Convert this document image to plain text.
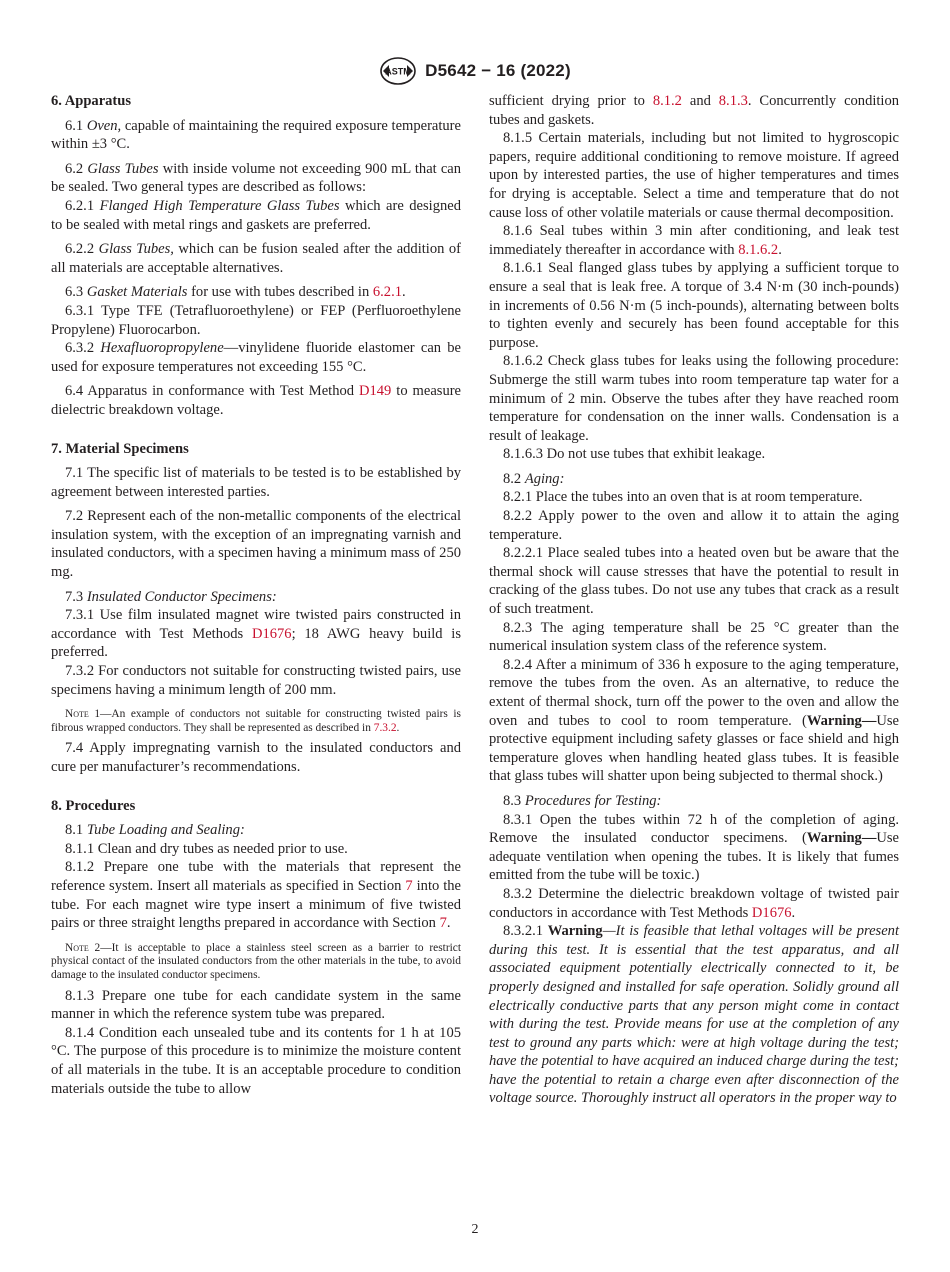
ASTM D5642 − 16 (2022)
6. Apparatus

6.1 Oven, capable of maintaining the required exposure temperature within ±3 °C.

6.2 Glass Tubes with inside volume not exceeding 900 mL that can be sealed. Two general types are described as follows:

6.2.1 Flanged High Temperature Glass Tubes which are designed to be sealed with metal rings and gaskets are preferred.

6.2.2 Glass Tubes, which can be fusion sealed after the addition of all materials are acceptable alternatives.

6.3 Gasket Materials for use with tubes described in 6.2.1.

6.3.1 Type TFE (Tetrafluoroethylene) or FEP (Perfluoroethylene Propylene) Fluorocarbon.

6.3.2 Hexafluoropropylene—vinylidene fluoride elastomer can be used for exposure temperatures not exceeding 155 °C.

6.4 Apparatus in conformance with Test Method D149 to measure dielectric breakdown voltage.

7. Material Specimens

7.1 The specific list of materials to be tested is to be established by agreement between interested parties.

7.2 Represent each of the non-metallic components of the electrical insulation system, with the exception of an impregnating varnish and insulated conductors, with a specimen having a minimum mass of 250 mg.

7.3 Insulated Conductor Specimens:

7.3.1 Use film insulated magnet wire twisted pairs constructed in accordance with Test Methods D1676; 18 AWG heavy build is preferred.

7.3.2 For conductors not suitable for constructing twisted pairs, use specimens having a minimum length of 200 mm.

Note 1—An example of conductors not suitable for constructing twisted pairs is fibrous wrapped conductors. They shall be represented as described in 7.3.2.

7.4 Apply impregnating varnish to the insulated conductors and cure per manufacturer’s recommendations.

8. Procedures

8.1 Tube Loading and Sealing:

8.1.1 Clean and dry tubes as needed prior to use.

8.1.2 Prepare one tube with the materials that represent the reference system. Insert all materials as specified in Section 7 into the tube. For each magnet wire type insert a minimum of five twisted pairs or three straight lengths prepared in accordance with Section 7.

Note 2—It is acceptable to place a stainless steel screen as a barrier to restrict physical contact of the insulated conductors from the other materials in the tube, to avoid damage to the insulated conductor specimens.

8.1.3 Prepare one tube for each candidate system in the same manner in which the reference system tube was prepared.

8.1.4 Condition each unsealed tube and its contents for 1 h at 105 °C. The purpose of this procedure is to minimize the moisture content of all materials in the tube. It is an acceptable procedure to condition materials outside the tube to allow

sufficient drying prior to 8.1.2 and 8.1.3. Concurrently condition tubes and gaskets.

8.1.5 Certain materials, including but not limited to hygroscopic papers, require additional conditioning to remove moisture. If agreed upon by interested parties, the use of higher temperatures and times for drying is acceptable. Select a time and temperature that do not cause loss of other volatile materials or cause thermal decomposition.

8.1.6 Seal tubes within 3 min after conditioning, and leak test immediately thereafter in accordance with 8.1.6.2.

8.1.6.1 Seal flanged glass tubes by applying a sufficient torque to ensure a seal that is leak free. A torque of 3.4 N·m (30 inch-pounds) in increments of 0.56 N·m (5 inch-pounds), alternating between bolts to tighten evenly and securely has been found acceptable for this purpose.

8.1.6.2 Check glass tubes for leaks using the following procedure: Submerge the still warm tubes into room temperature tap water for a minimum of 2 min. Observe the tubes after they have reached room temperature for condensation on the inner walls. Condensation is a result of leakage.

8.1.6.3 Do not use tubes that exhibit leakage.

8.2 Aging:

8.2.1 Place the tubes into an oven that is at room temperature.

8.2.2 Apply power to the oven and allow it to attain the aging temperature.

8.2.2.1 Place sealed tubes into a heated oven but be aware that the thermal shock will cause stresses that have the potential to result in cracking of the glass tubes. Do not use any tubes that crack as a result of such treatment.

8.2.3 The aging temperature shall be 25 °C greater than the numerical insulation system class of the reference system.

8.2.4 After a minimum of 336 h exposure to the aging temperature, remove the tubes from the oven. As an alternative, to reduce the extent of thermal shock, turn off the power to the oven and allow the oven and tubes to cool to room temperature. (Warning—Use protective equipment including safety glasses or face shield and high temperature gloves when handling heated glass tubes. It is feasible that glass tubes will shatter upon being subjected to thermal shock.)

8.3 Procedures for Testing:

8.3.1 Open the tubes within 72 h of the completion of aging. Remove the insulated conductor specimens. (Warning—Use adequate ventilation when opening the tubes. It is likely that fumes emitted from the tube will be toxic.)

8.3.2 Determine the dielectric breakdown voltage of twisted pair conductors in accordance with Test Methods D1676.

8.3.2.1 Warning—It is feasible that lethal voltages will be present during this test. It is essential that the test apparatus, and all associated equipment potentially electrically connected to it, be properly designed and installed for safe operation. Solidly ground all electrically conductive parts that any person might come in contact with during the test. Provide means for use at the completion of any test to ground any parts which: were at high voltage during the test; have the potential to have acquired an induced charge during the test; have the potential to retain a charge even after disconnection of the voltage source. Thoroughly instruct all operators in the proper way to

2
